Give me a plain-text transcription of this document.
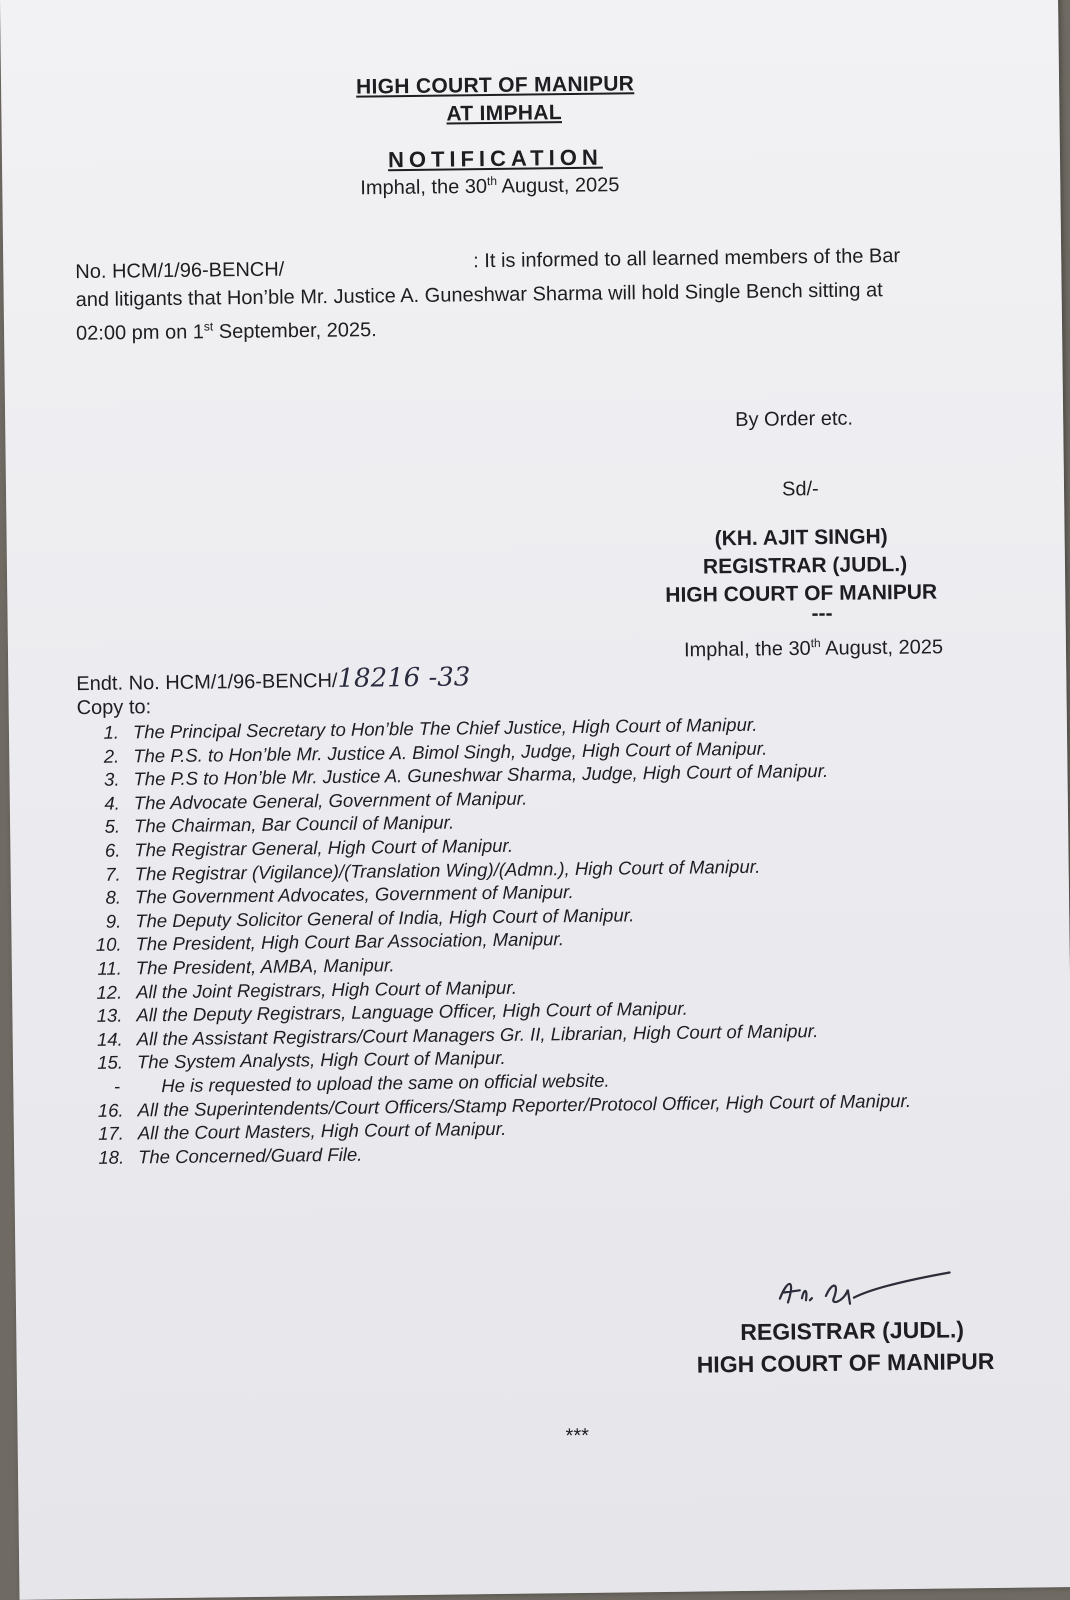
HIGH COURT OF MANIPUR
AT IMPHAL
NOTIFICATION
Imphal, the 30th August, 2025
No. HCM/1/96-BENCH/	: It is informed to all learned members of the Bar
and litigants that Hon’ble Mr. Justice A. Guneshwar Sharma will hold Single Bench sitting at
02:00 pm on 1st September, 2025.
By Order etc.
Sd/-
(KH. AJIT SINGH)
REGISTRAR (JUDL.)
HIGH COURT OF MANIPUR
---
Endt. No. HCM/1/96-BENCH/18216 -33
Imphal, the 30th August, 2025
Copy to:
1. The Principal Secretary to Hon’ble The Chief Justice, High Court of Manipur.
2. The P.S. to Hon’ble Mr. Justice A. Bimol Singh, Judge, High Court of Manipur.
3. The P.S to Hon’ble Mr. Justice A. Guneshwar Sharma, Judge, High Court of Manipur.
4. The Advocate General, Government of Manipur.
5. The Chairman, Bar Council of Manipur.
6. The Registrar General, High Court of Manipur.
7. The Registrar (Vigilance)/(Translation Wing)/(Admn.), High Court of Manipur.
8. The Government Advocates, Government of Manipur.
9. The Deputy Solicitor General of India, High Court of Manipur.
10. The President, High Court Bar Association, Manipur.
11. The President, AMBA, Manipur.
12. All the Joint Registrars, High Court of Manipur.
13. All the Deputy Registrars, Language Officer, High Court of Manipur.
14. All the Assistant Registrars/Court Managers Gr. II, Librarian, High Court of Manipur.
15. The System Analysts, High Court of Manipur.
- He is requested to upload the same on official website.
16. All the Superintendents/Court Officers/Stamp Reporter/Protocol Officer, High Court of Manipur.
17. All the Court Masters, High Court of Manipur.
18. The Concerned/Guard File.
REGISTRAR (JUDL.)
HIGH COURT OF MANIPUR
***
